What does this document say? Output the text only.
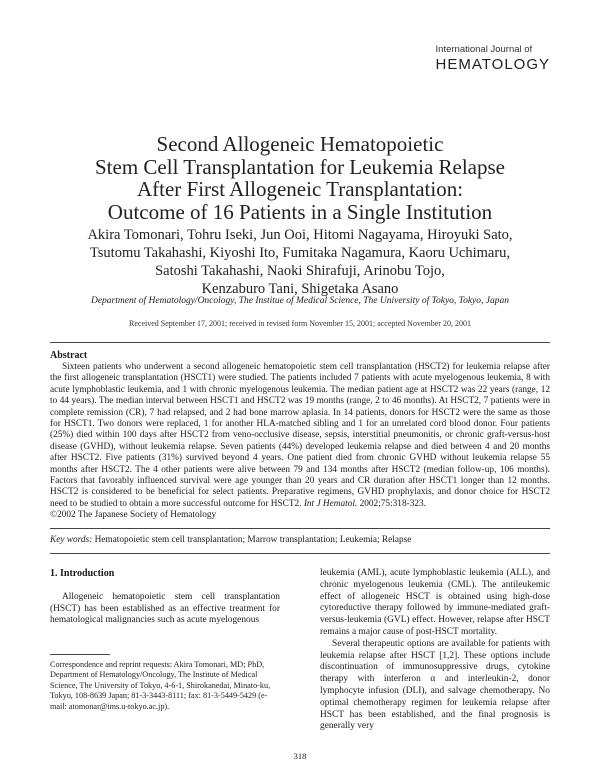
International Journal of
HEMATOLOGY
Second Allogeneic Hematopoietic
Stem Cell Transplantation for Leukemia Relapse
After First Allogeneic Transplantation:
Outcome of 16 Patients in a Single Institution
Akira Tomonari, Tohru Iseki, Jun Ooi, Hitomi Nagayama, Hiroyuki Sato,
Tsutomu Takahashi, Kiyoshi Ito, Fumitaka Nagamura, Kaoru Uchimaru,
Satoshi Takahashi, Naoki Shirafuji, Arinobu Tojo,
Kenzaburo Tani, Shigetaka Asano
Department of Hematology/Oncology, The Institue of Medical Science, The University of Tokyo, Tokyo, Japan
Received September 17, 2001; received in revised form November 15, 2001; accepted November 20, 2001
Abstract

Sixteen patients who underwent a second allogeneic hematopoietic stem cell transplantation (HSCT2) for leukemia relapse after the first allogeneic transplantation (HSCT1) were studied. The patients included 7 patients with acute myelogenous leukemia, 8 with acute lymphoblastic leukemia, and 1 with chronic myelogenous leukemia. The median patient age at HSCT2 was 22 years (range, 12 to 44 years). The median interval between HSCT1 and HSCT2 was 19 months (range, 2 to 46 months). At HSCT2, 7 patients were in complete remission (CR), 7 had relapsed, and 2 had bone marrow aplasia. In 14 patients, donors for HSCT2 were the same as those for HSCT1. Two donors were replaced, 1 for another HLA-matched sibling and 1 for an unrelated cord blood donor. Four patients (25%) died within 100 days after HSCT2 from veno-occlusive disease, sepsis, interstitial pneumonitis, or chronic graft-versus-host disease (GVHD), without leukemia relapse. Seven patients (44%) developed leukemia relapse and died between 4 and 20 months after HSCT2. Five patients (31%) survived beyond 4 years. One patient died from chronic GVHD without leukemia relapse 55 months after HSCT2. The 4 other patients were alive between 79 and 134 months after HSCT2 (median follow-up, 106 months). Factors that favorably influenced survival were age younger than 20 years and CR duration after HSCT1 longer than 12 months. HSCT2 is considered to be beneficial for select patients. Preparative regimens, GVHD prophylaxis, and donor choice for HSCT2 need to be studied to obtain a more successful outcome for HSCT2. Int J Hematol. 2002;75:318-323.

©2002 The Japanese Society of Hematology
Key words: Hematopoietic stem cell transplantation; Marrow transplantation; Leukemia; Relapse
1. Introduction

Allogeneic hematopoietic stem cell transplantation (HSCT) has been established as an effective treatment for hematological malignancies such as acute myelogenous

leukemia (AML), acute lymphoblastic leukemia (ALL), and chronic myelogenous leukemia (CML). The antileukemic effect of allogeneic HSCT is obtained using high-dose cytoreductive therapy followed by immune-mediated graft-versus-leukemia (GVL) effect. However, relapse after HSCT remains a major cause of post-HSCT mortality.

Several therapeutic options are available for patients with leukemia relapse after HSCT [1,2]. These options include discontinuation of immunosuppressive drugs, cytokine therapy with interferon α and interleukin-2, donor lymphocyte infusion (DLI), and salvage chemotherapy. No optimal chemotherapy regimen for leukemia relapse after HSCT has been established, and the final prognosis is generally very

Correspondence and reprint requests: Akira Tomonari, MD; PhD, Department of Hematology/Oncology, The Institute of Medical Science, The University of Tokyo, 4-6-1, Shirokanedai, Minato-ku, Tokyo, 108-8639 Japan; 81-3-3443-8111; fax: 81-3-5449-5429 (e-mail: atomonar@ims.u-tokyo.ac.jp).
318
